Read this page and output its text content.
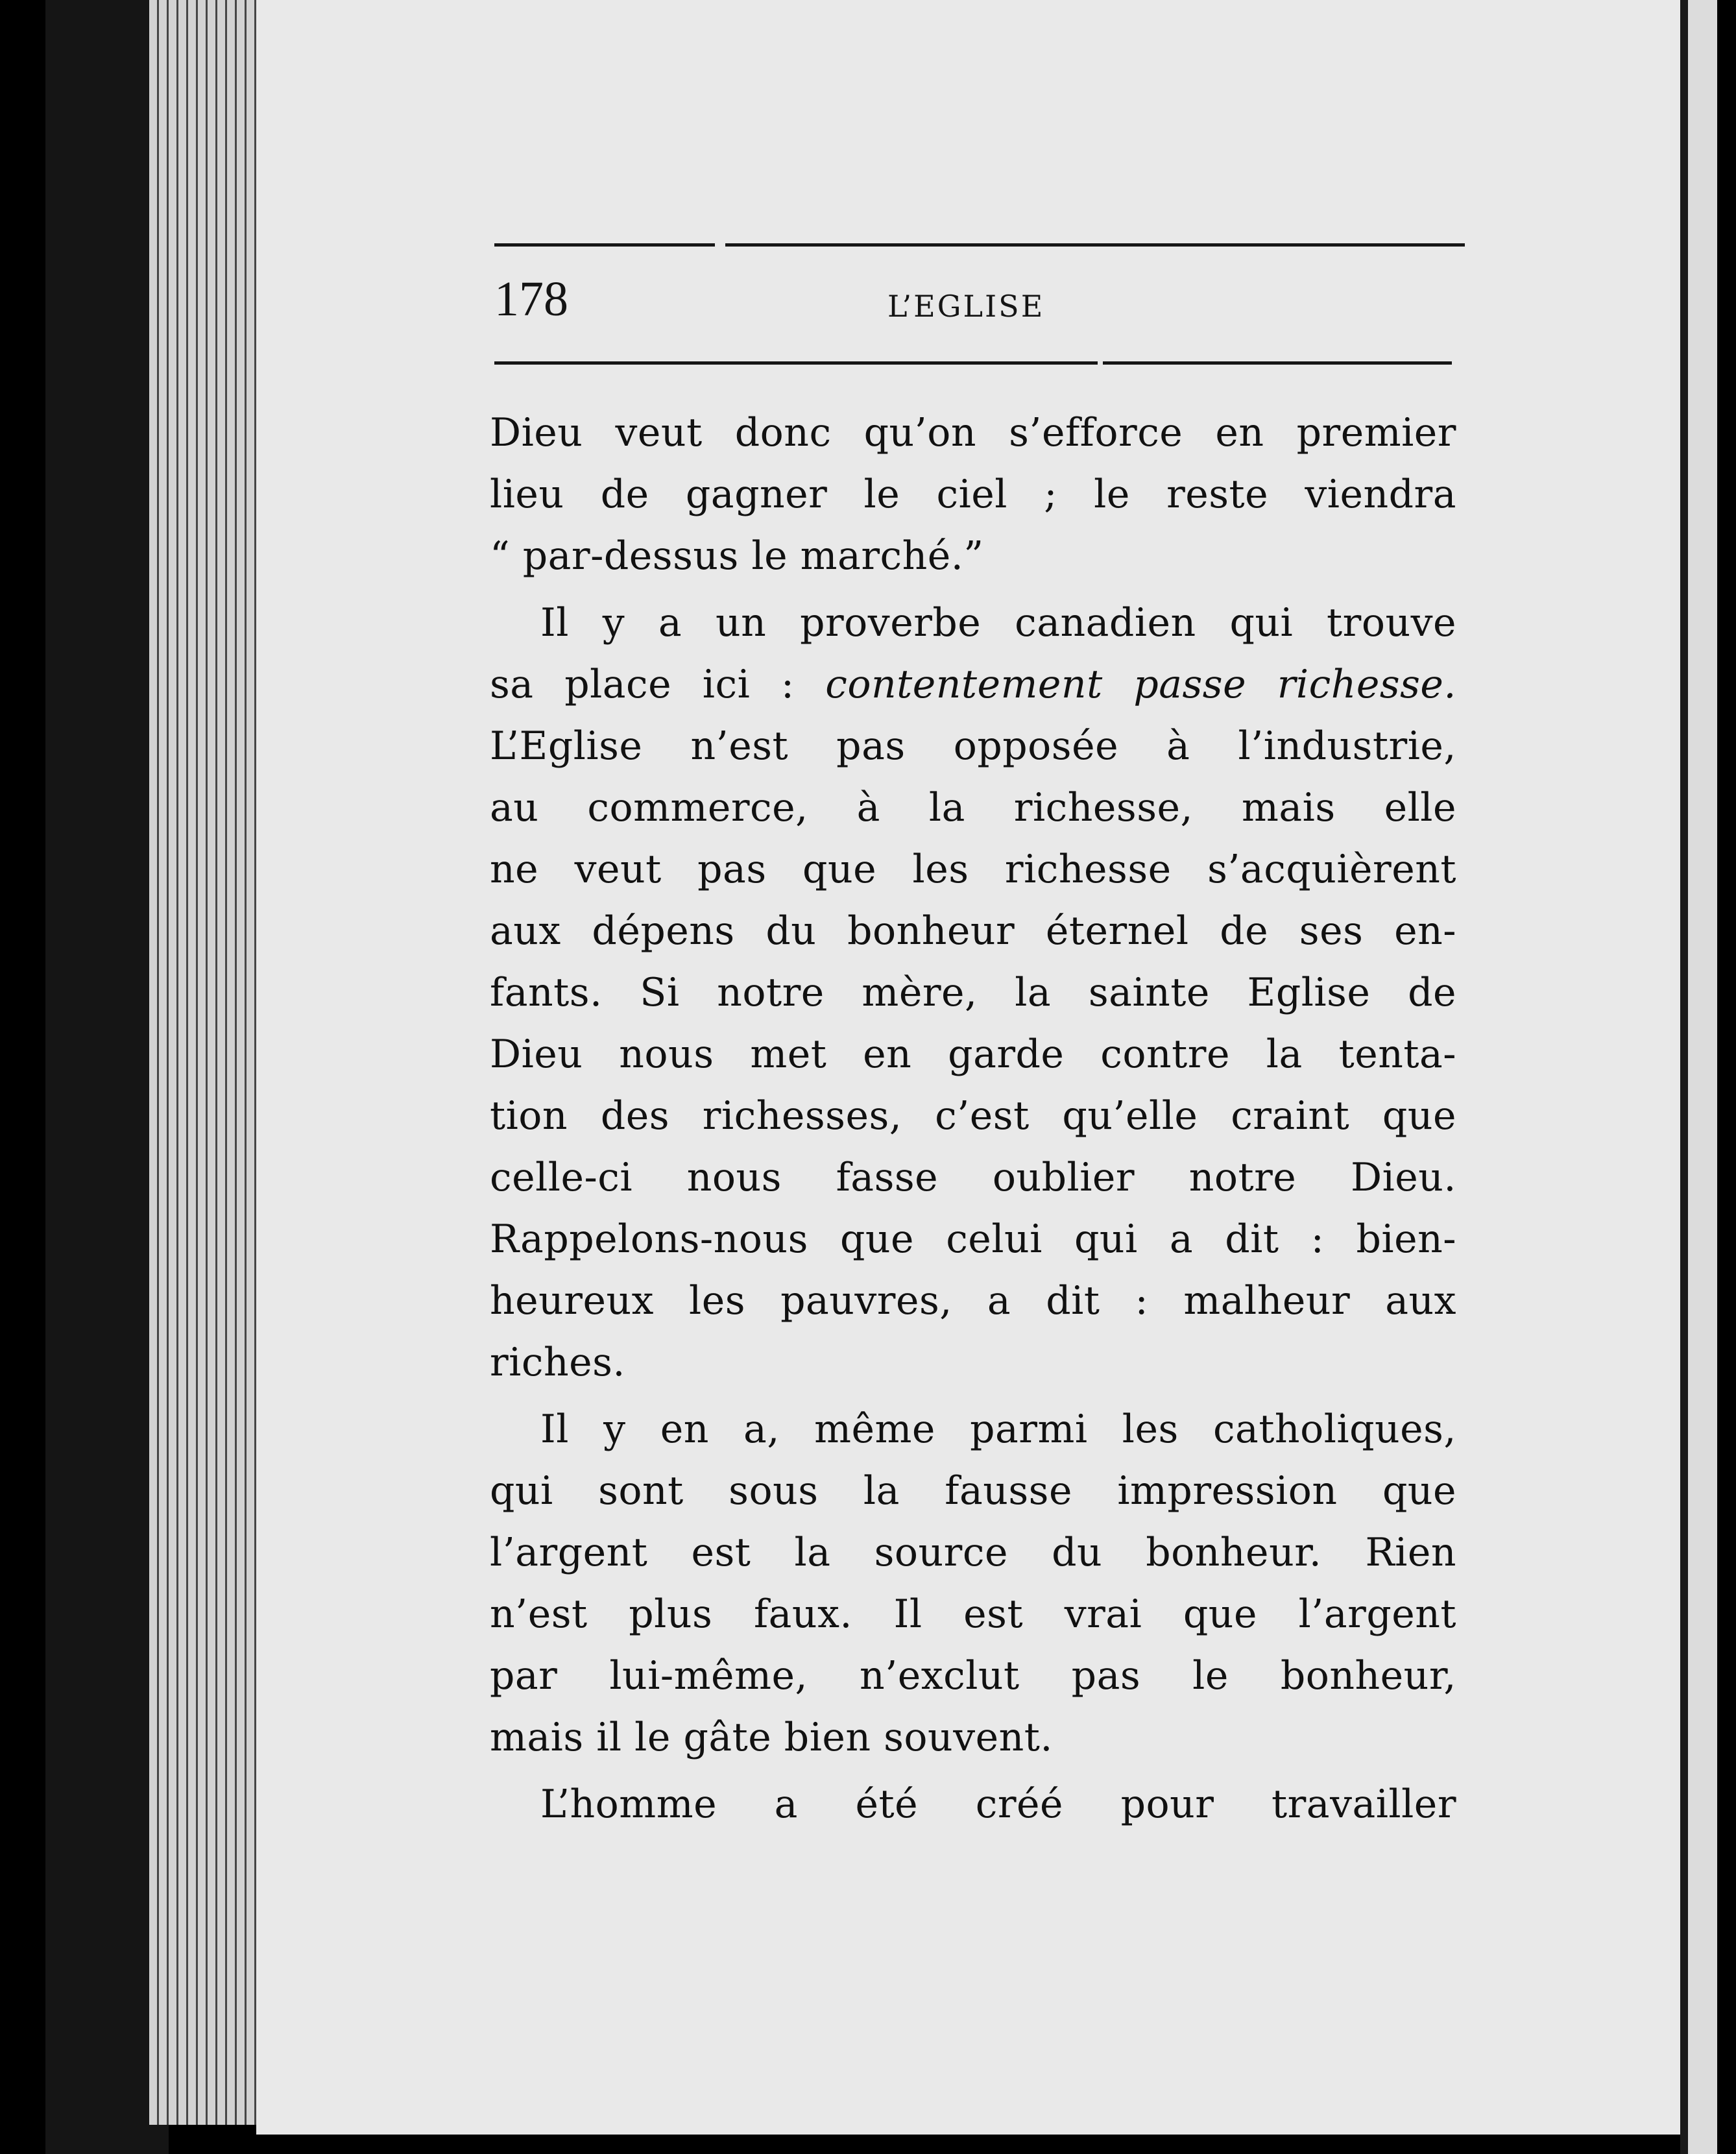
178	L’EGLISE
Dieu veut donc qu’on s’efforce en premier
lieu de gagner le ciel ; le reste viendra
“ par-dessus le marché.”
Il y a un proverbe canadien qui trouve
sa place ici : contentement passe richesse.
L’Eglise n’est pas opposée à l’industrie,
au commerce, à la richesse, mais elle
ne veut pas que les richesse s’acquièrent
aux dépens du bonheur éternel de ses en-
fants. Si notre mère, la sainte Eglise de
Dieu nous met en garde contre la tenta-
tion des richesses, c’est qu’elle craint que
celle-ci nous fasse oublier notre Dieu.
Rappelons-nous que celui qui a dit : bien-
heureux les pauvres, a dit : malheur aux
riches.
Il y en a, même parmi les catholiques,
qui sont sous la fausse impression que
l’argent est la source du bonheur. Rien
n’est plus faux. Il est vrai que l’argent
par lui-même, n’exclut pas le bonheur,
mais il le gâte bien souvent.
L’homme a été créé pour travailler
